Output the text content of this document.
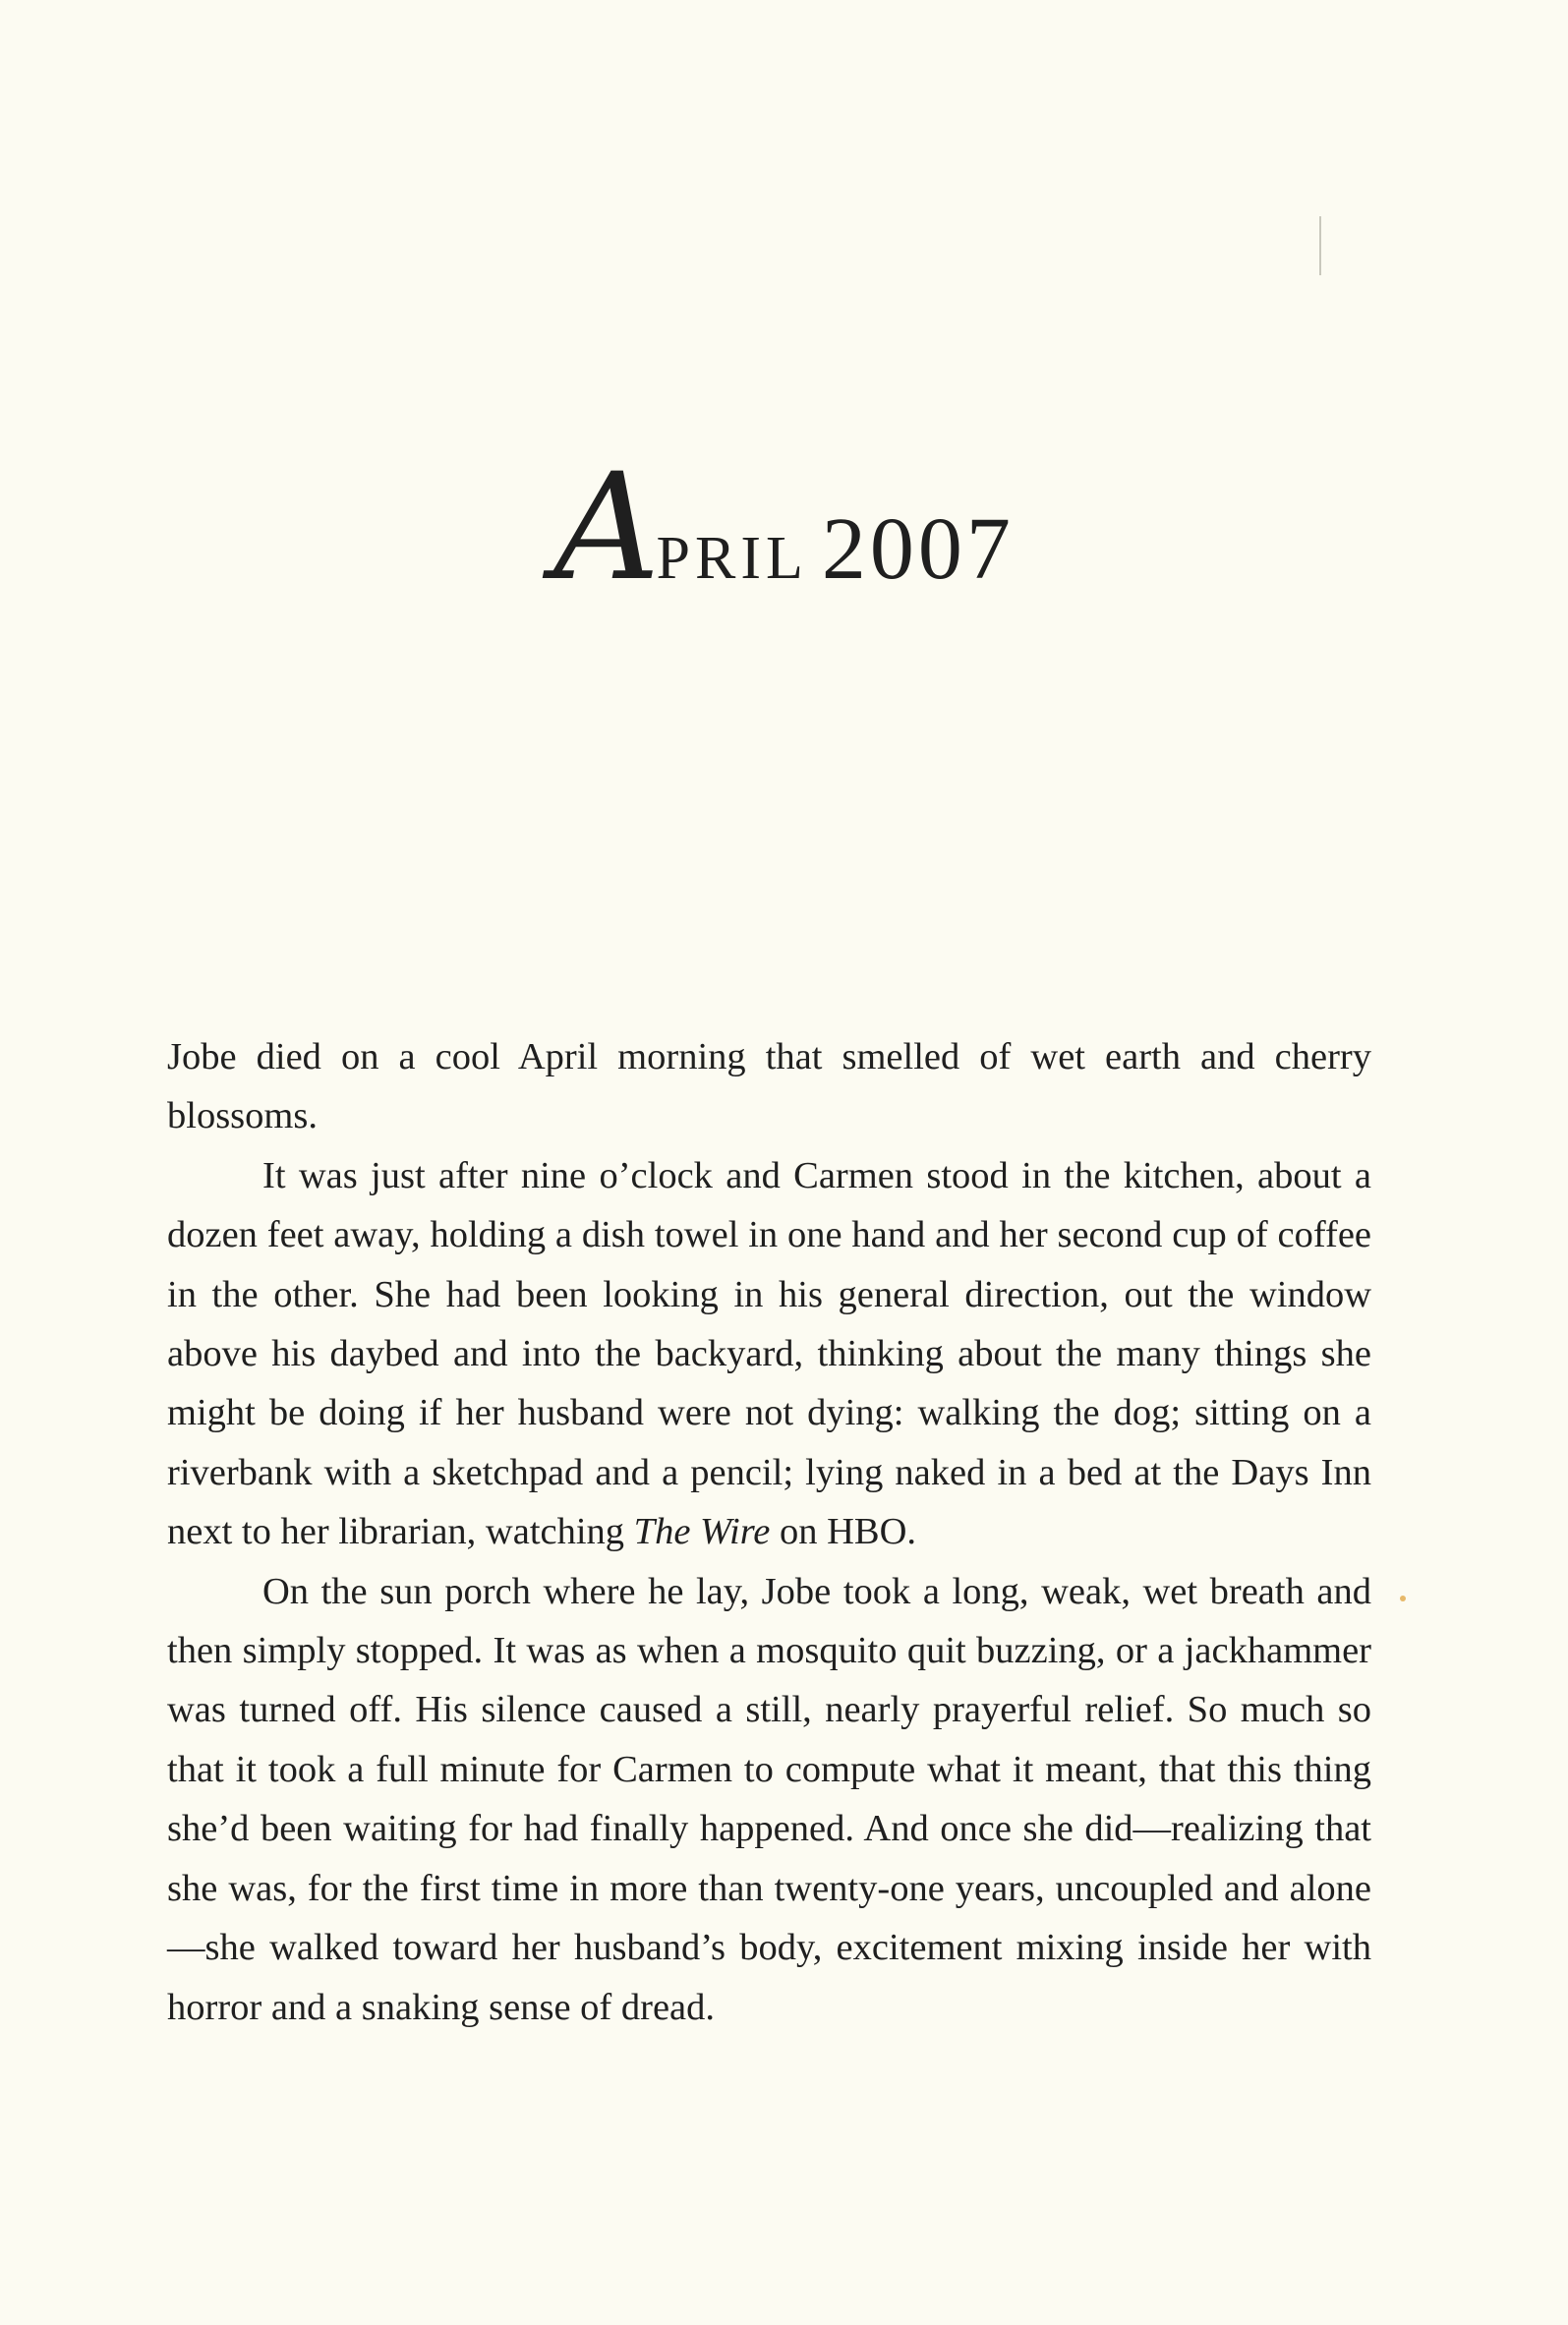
APRIL 2007

Jobe died on a cool April morning that smelled of wet earth and cherry blossoms.

It was just after nine o’clock and Carmen stood in the kitchen, about a dozen feet away, holding a dish towel in one hand and her second cup of coffee in the other. She had been looking in his general direction, out the window above his daybed and into the backyard, thinking about the many things she might be doing if her husband were not dying: walking the dog; sitting on a riverbank with a sketchpad and a pencil; lying naked in a bed at the Days Inn next to her librarian, watching The Wire on HBO.

On the sun porch where he lay, Jobe took a long, weak, wet breath and then simply stopped. It was as when a mosquito quit buzzing, or a jackhammer was turned off. His silence caused a still, nearly prayerful relief. So much so that it took a full minute for Carmen to compute what it meant, that this thing she’d been waiting for had finally happened. And once she did—realizing that she was, for the first time in more than twenty-one years, uncoupled and alone—she walked toward her husband’s body, excitement mixing inside her with horror and a snaking sense of dread.
